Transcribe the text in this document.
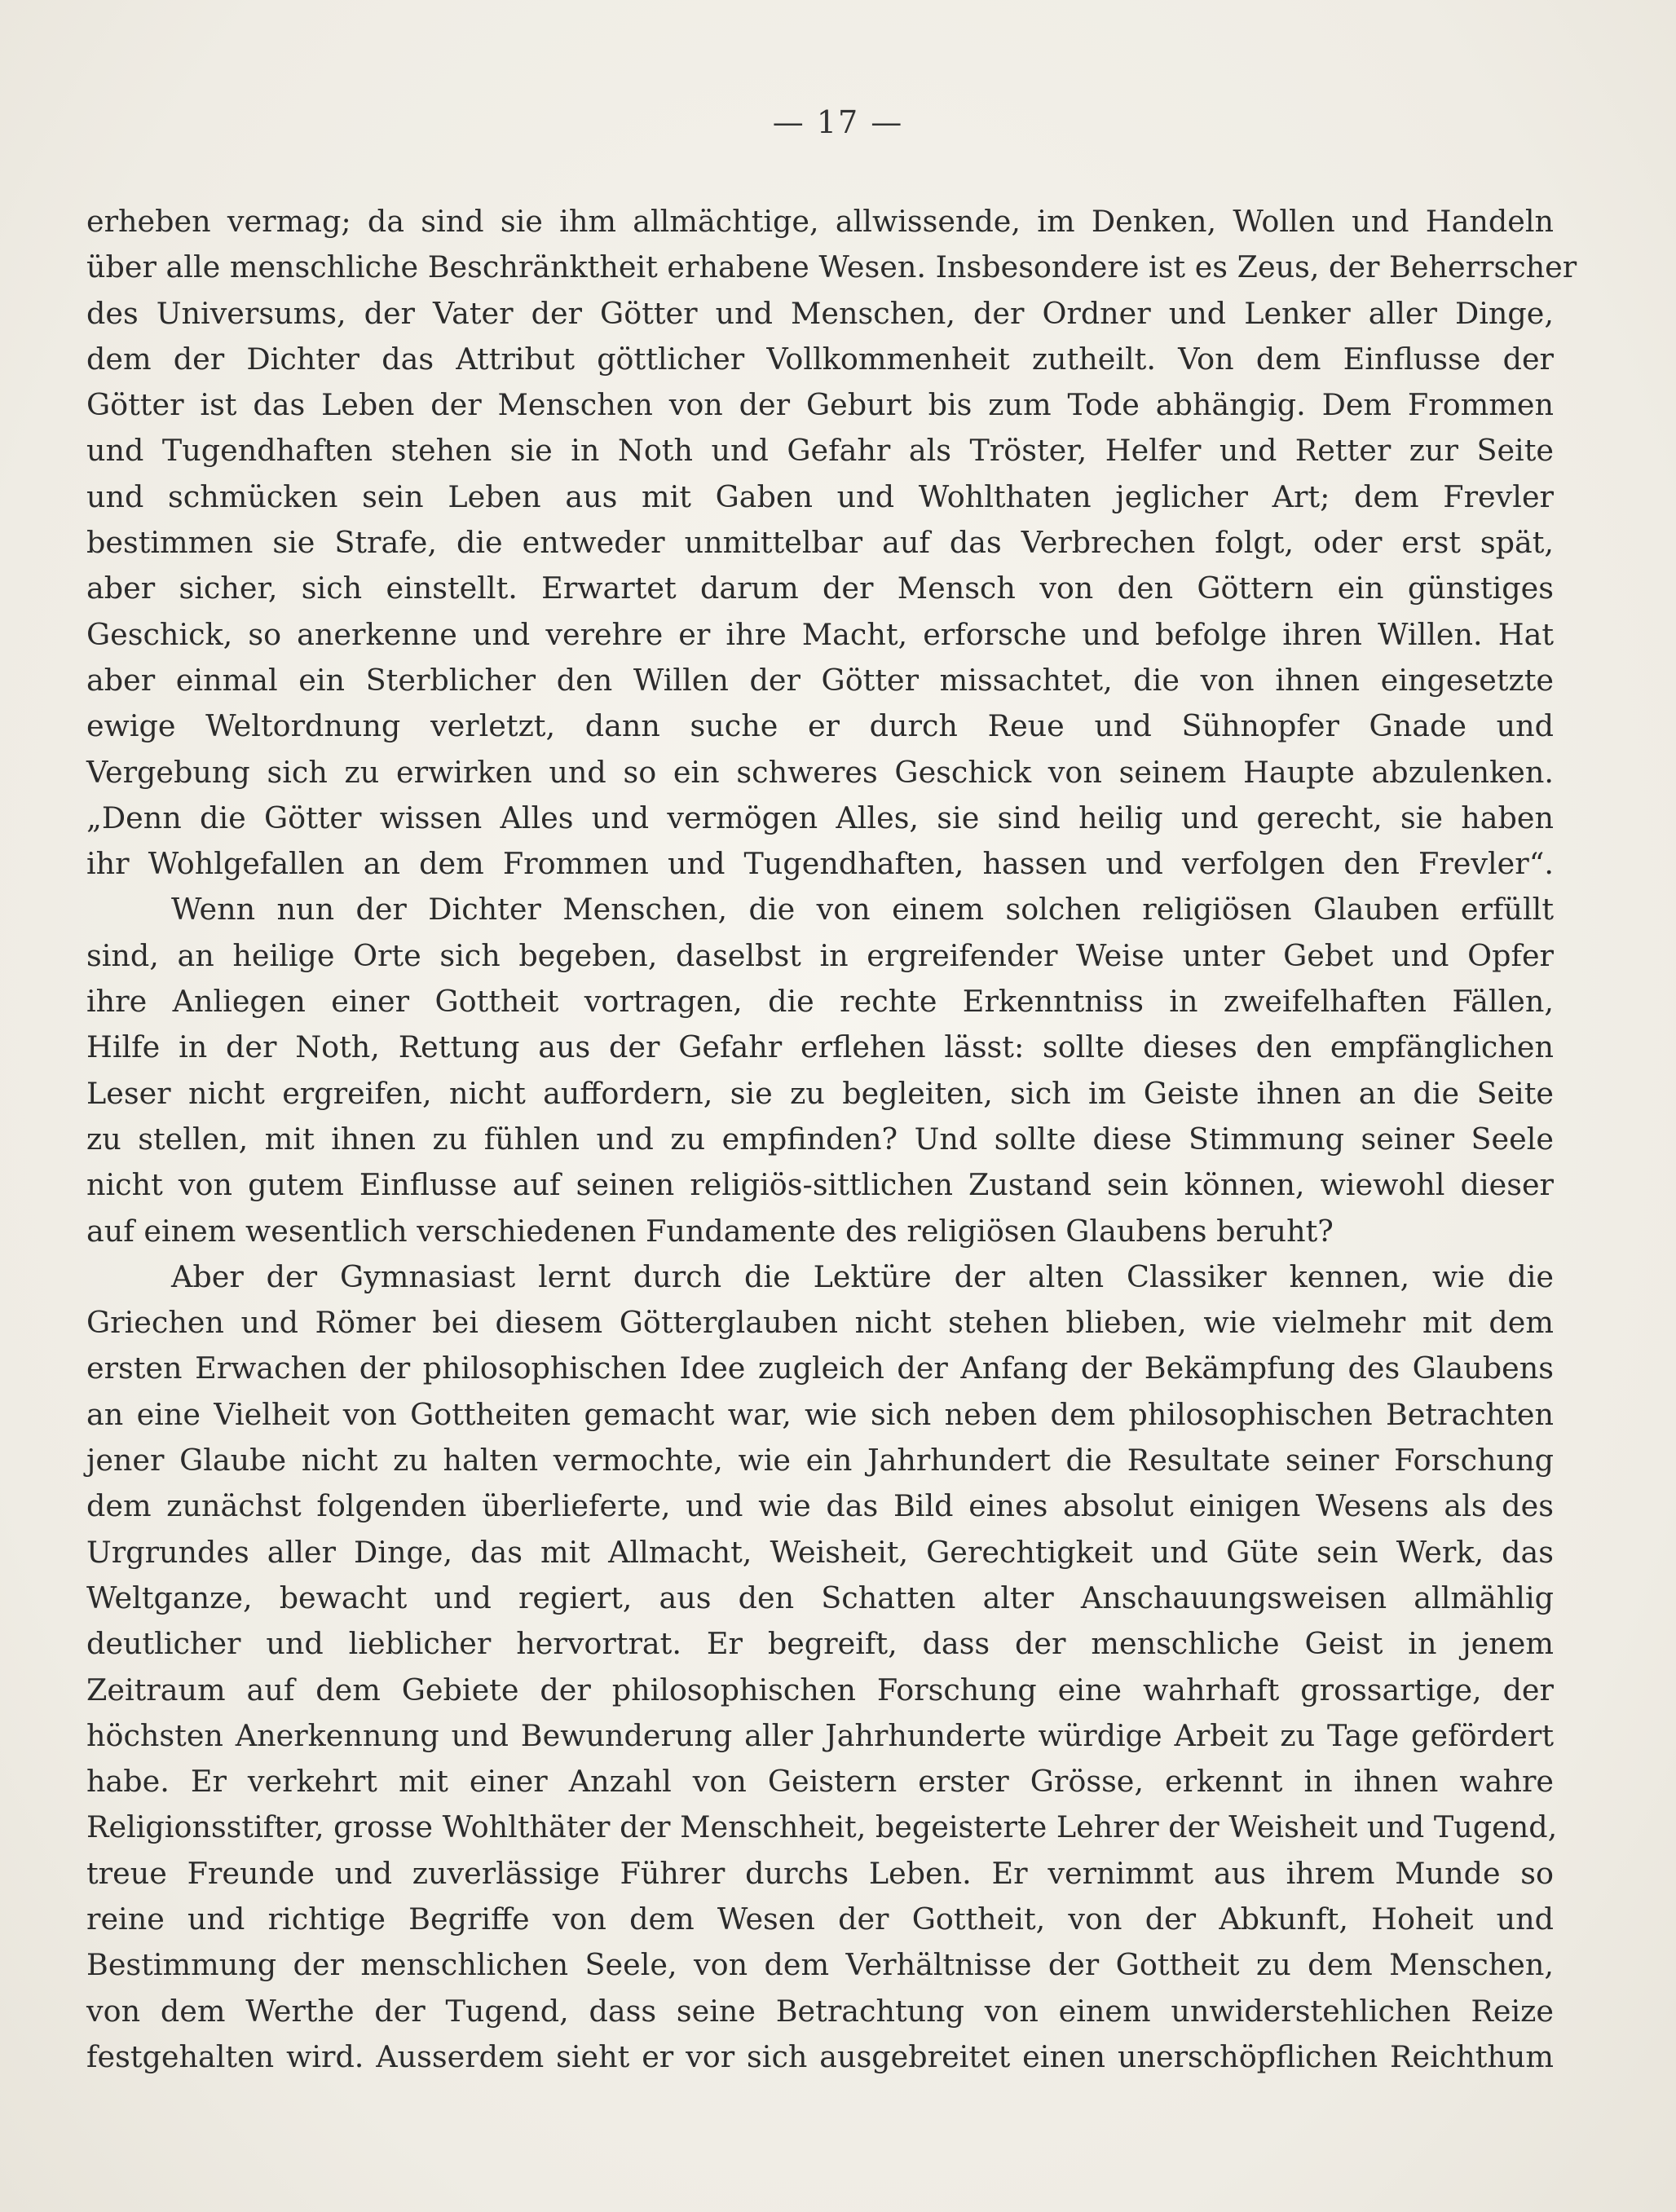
— 17 —
erheben vermag; da sind sie ihm allmächtige, allwissende, im Denken, Wollen und Handeln
über alle menschliche Beschränktheit erhabene Wesen. Insbesondere ist es Zeus, der Beherrscher
des Universums, der Vater der Götter und Menschen, der Ordner und Lenker aller Dinge,
dem der Dichter das Attribut göttlicher Vollkommenheit zutheilt. Von dem Einflusse der
Götter ist das Leben der Menschen von der Geburt bis zum Tode abhängig. Dem Frommen
und Tugendhaften stehen sie in Noth und Gefahr als Tröster, Helfer und Retter zur Seite
und schmücken sein Leben aus mit Gaben und Wohlthaten jeglicher Art; dem Frevler
bestimmen sie Strafe, die entweder unmittelbar auf das Verbrechen folgt, oder erst spät,
aber sicher, sich einstellt. Erwartet darum der Mensch von den Göttern ein günstiges
Geschick, so anerkenne und verehre er ihre Macht, erforsche und befolge ihren Willen. Hat
aber einmal ein Sterblicher den Willen der Götter missachtet, die von ihnen eingesetzte
ewige Weltordnung verletzt, dann suche er durch Reue und Sühnopfer Gnade und
Vergebung sich zu erwirken und so ein schweres Geschick von seinem Haupte abzulenken.
„Denn die Götter wissen Alles und vermögen Alles, sie sind heilig und gerecht, sie haben
ihr Wohlgefallen an dem Frommen und Tugendhaften, hassen und verfolgen den Frevler“.
Wenn nun der Dichter Menschen, die von einem solchen religiösen Glauben erfüllt
sind, an heilige Orte sich begeben, daselbst in ergreifender Weise unter Gebet und Opfer
ihre Anliegen einer Gottheit vortragen, die rechte Erkenntniss in zweifelhaften Fällen,
Hilfe in der Noth, Rettung aus der Gefahr erflehen lässt: sollte dieses den empfänglichen
Leser nicht ergreifen, nicht auffordern, sie zu begleiten, sich im Geiste ihnen an die Seite
zu stellen, mit ihnen zu fühlen und zu empfinden? Und sollte diese Stimmung seiner Seele
nicht von gutem Einflusse auf seinen religiös-sittlichen Zustand sein können, wiewohl dieser
auf einem wesentlich verschiedenen Fundamente des religiösen Glaubens beruht?
Aber der Gymnasiast lernt durch die Lektüre der alten Classiker kennen, wie die
Griechen und Römer bei diesem Götterglauben nicht stehen blieben, wie vielmehr mit dem
ersten Erwachen der philosophischen Idee zugleich der Anfang der Bekämpfung des Glaubens
an eine Vielheit von Gottheiten gemacht war, wie sich neben dem philosophischen Betrachten
jener Glaube nicht zu halten vermochte, wie ein Jahrhundert die Resultate seiner Forschung
dem zunächst folgenden überlieferte, und wie das Bild eines absolut einigen Wesens als des
Urgrundes aller Dinge, das mit Allmacht, Weisheit, Gerechtigkeit und Güte sein Werk, das
Weltganze, bewacht und regiert, aus den Schatten alter Anschauungsweisen allmählig
deutlicher und lieblicher hervortrat. Er begreift, dass der menschliche Geist in jenem
Zeitraum auf dem Gebiete der philosophischen Forschung eine wahrhaft grossartige, der
höchsten Anerkennung und Bewunderung aller Jahrhunderte würdige Arbeit zu Tage gefördert
habe. Er verkehrt mit einer Anzahl von Geistern erster Grösse, erkennt in ihnen wahre
Religionsstifter, grosse Wohlthäter der Menschheit, begeisterte Lehrer der Weisheit und Tugend,
treue Freunde und zuverlässige Führer durchs Leben. Er vernimmt aus ihrem Munde so
reine und richtige Begriffe von dem Wesen der Gottheit, von der Abkunft, Hoheit und
Bestimmung der menschlichen Seele, von dem Verhältnisse der Gottheit zu dem Menschen,
von dem Werthe der Tugend, dass seine Betrachtung von einem unwiderstehlichen Reize
festgehalten wird. Ausserdem sieht er vor sich ausgebreitet einen unerschöpflichen Reichthum
